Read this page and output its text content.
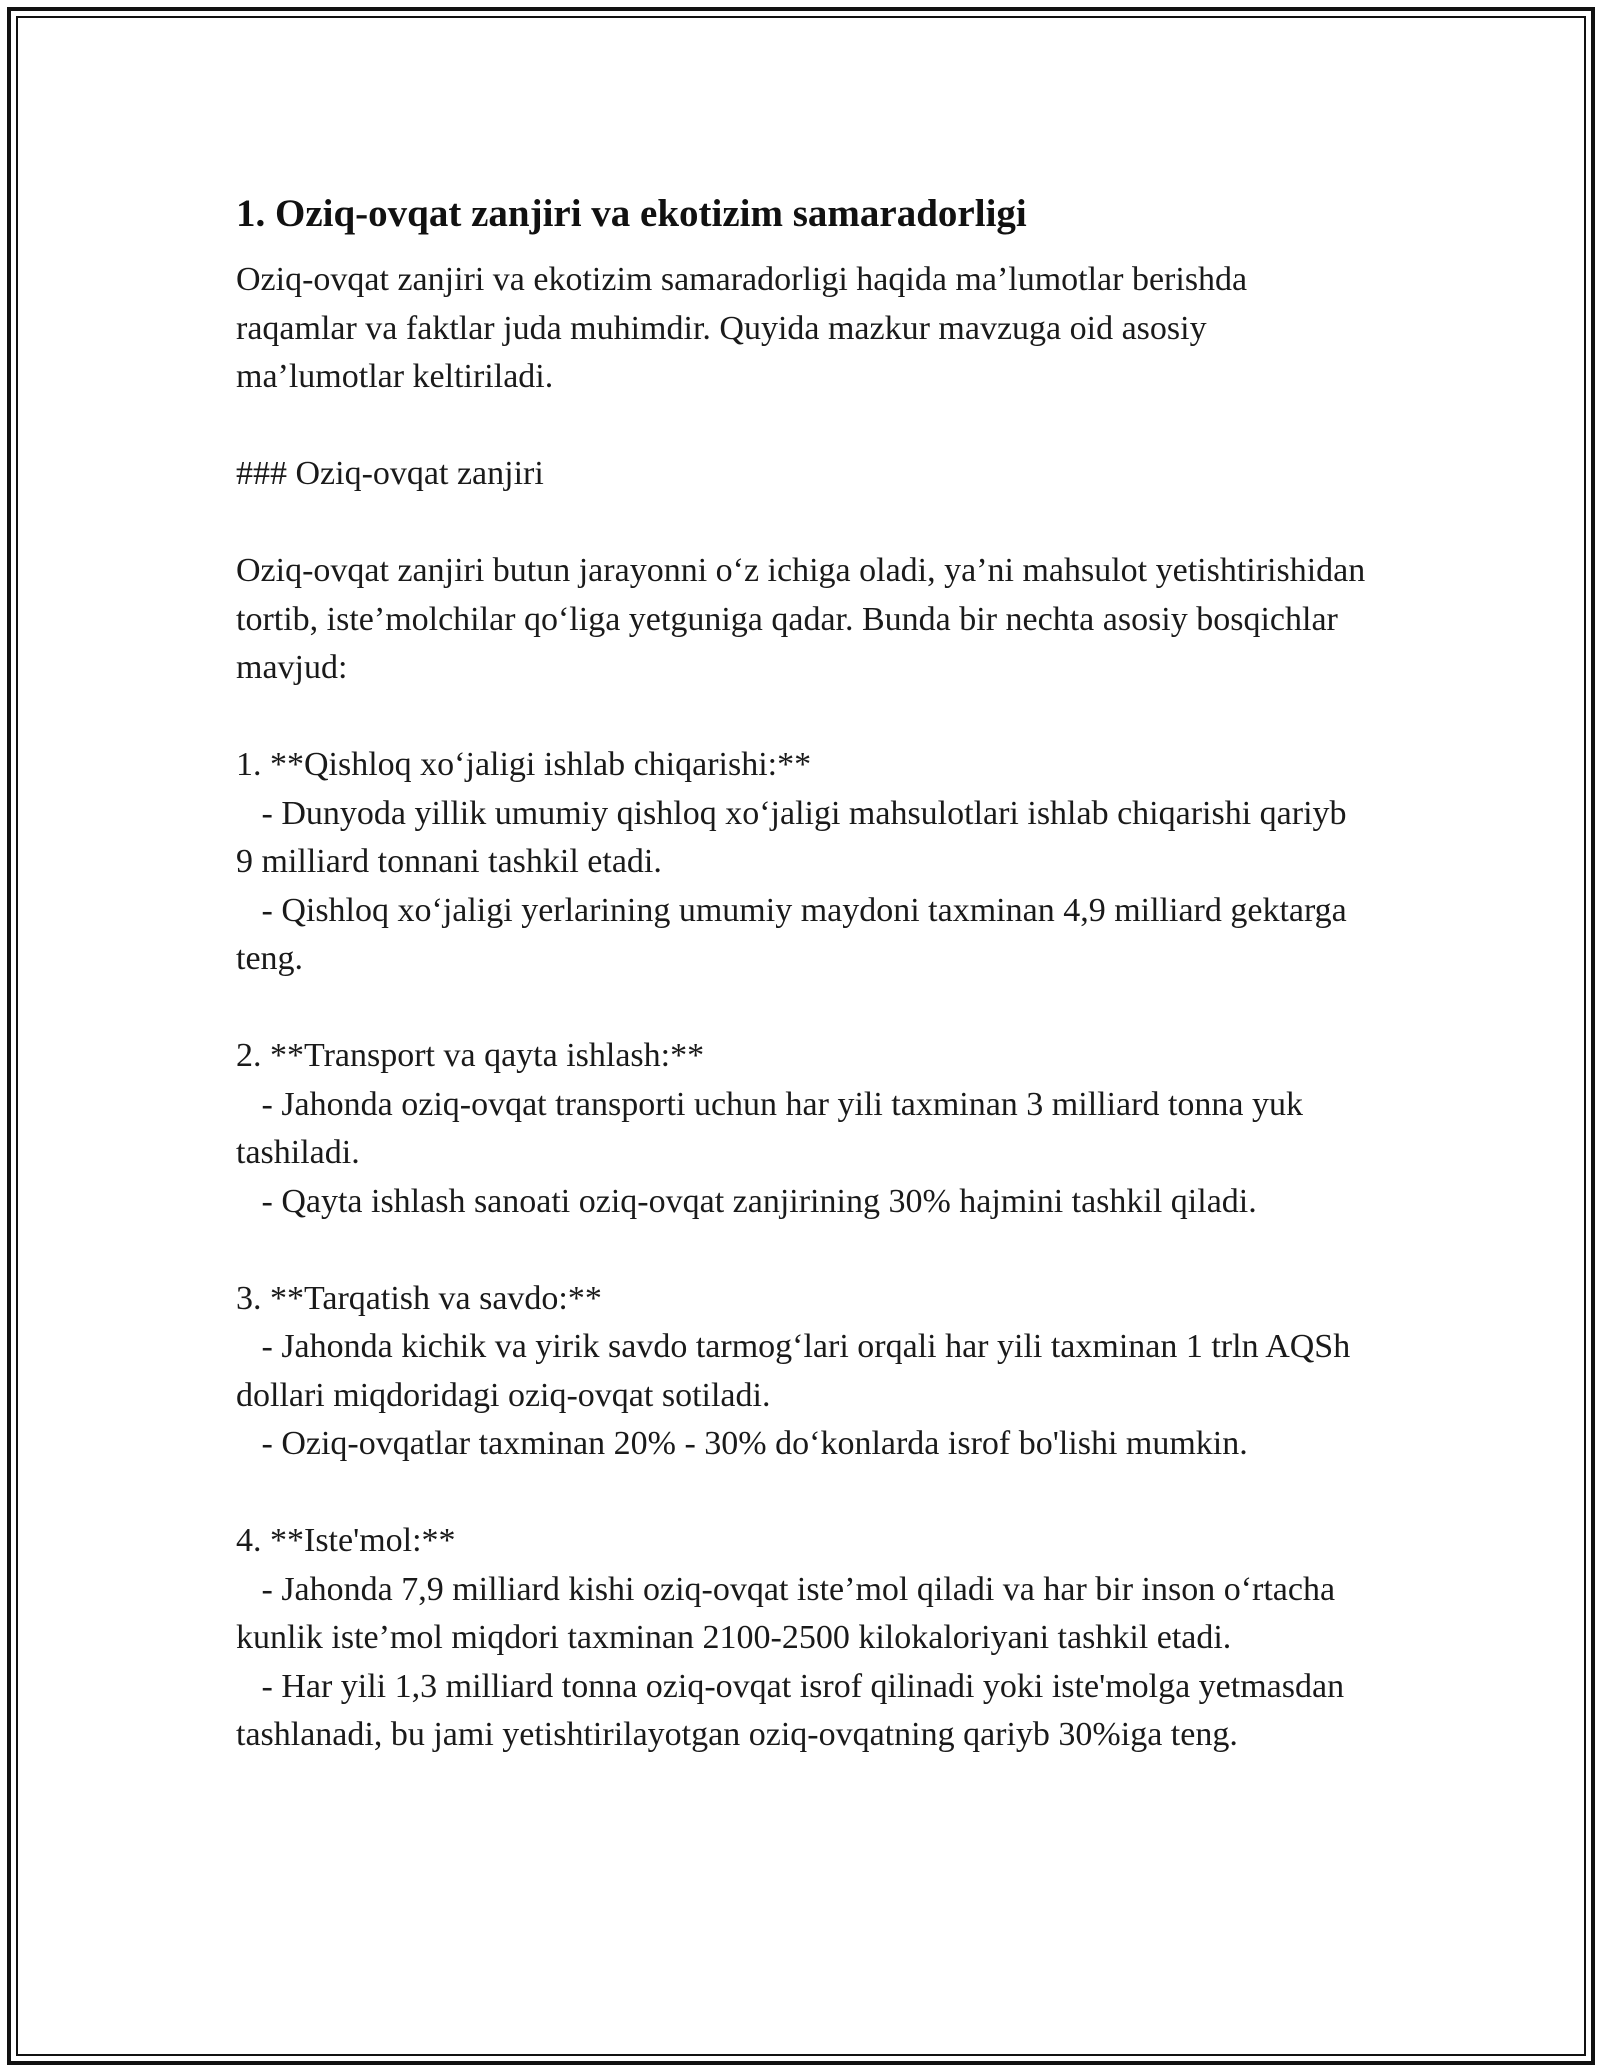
1. Oziq-ovqat zanjiri va ekotizim samaradorligi

Oziq-ovqat zanjiri va ekotizim samaradorligi haqida ma’lumotlar berishda raqamlar va faktlar juda muhimdir. Quyida mazkur mavzuga oid asosiy ma’lumotlar keltiriladi.

### Oziq-ovqat zanjiri

Oziq-ovqat zanjiri butun jarayonni o‘z ichiga oladi, ya’ni mahsulot yetishtirishidan tortib, iste’molchilar qo‘liga yetguniga qadar. Bunda bir nechta asosiy bosqichlar mavjud:

1. **Qishloq xo‘jaligi ishlab chiqarishi:**

- Dunyoda yillik umumiy qishloq xo‘jaligi mahsulotlari ishlab chiqarishi qariyb 9 milliard tonnani tashkil etadi.

- Qishloq xo‘jaligi yerlarining umumiy maydoni taxminan 4,9 milliard gektarga teng.

2. **Transport va qayta ishlash:**

- Jahonda oziq-ovqat transporti uchun har yili taxminan 3 milliard tonna yuk tashiladi.

- Qayta ishlash sanoati oziq-ovqat zanjirining 30% hajmini tashkil qiladi.

3. **Tarqatish va savdo:**

- Jahonda kichik va yirik savdo tarmog‘lari orqali har yili taxminan 1 trln AQSh dollari miqdoridagi oziq-ovqat sotiladi.

- Oziq-ovqatlar taxminan 20% - 30% do‘konlarda isrof bo'lishi mumkin.

4. **Iste'mol:**

- Jahonda 7,9 milliard kishi oziq-ovqat iste’mol qiladi va har bir inson o‘rtacha kunlik iste’mol miqdori taxminan 2100-2500 kilokaloriyani tashkil etadi.

- Har yili 1,3 milliard tonna oziq-ovqat isrof qilinadi yoki iste'molga yetmasdan tashlanadi, bu jami yetishtirilayotgan oziq-ovqatning qariyb 30%iga teng.
